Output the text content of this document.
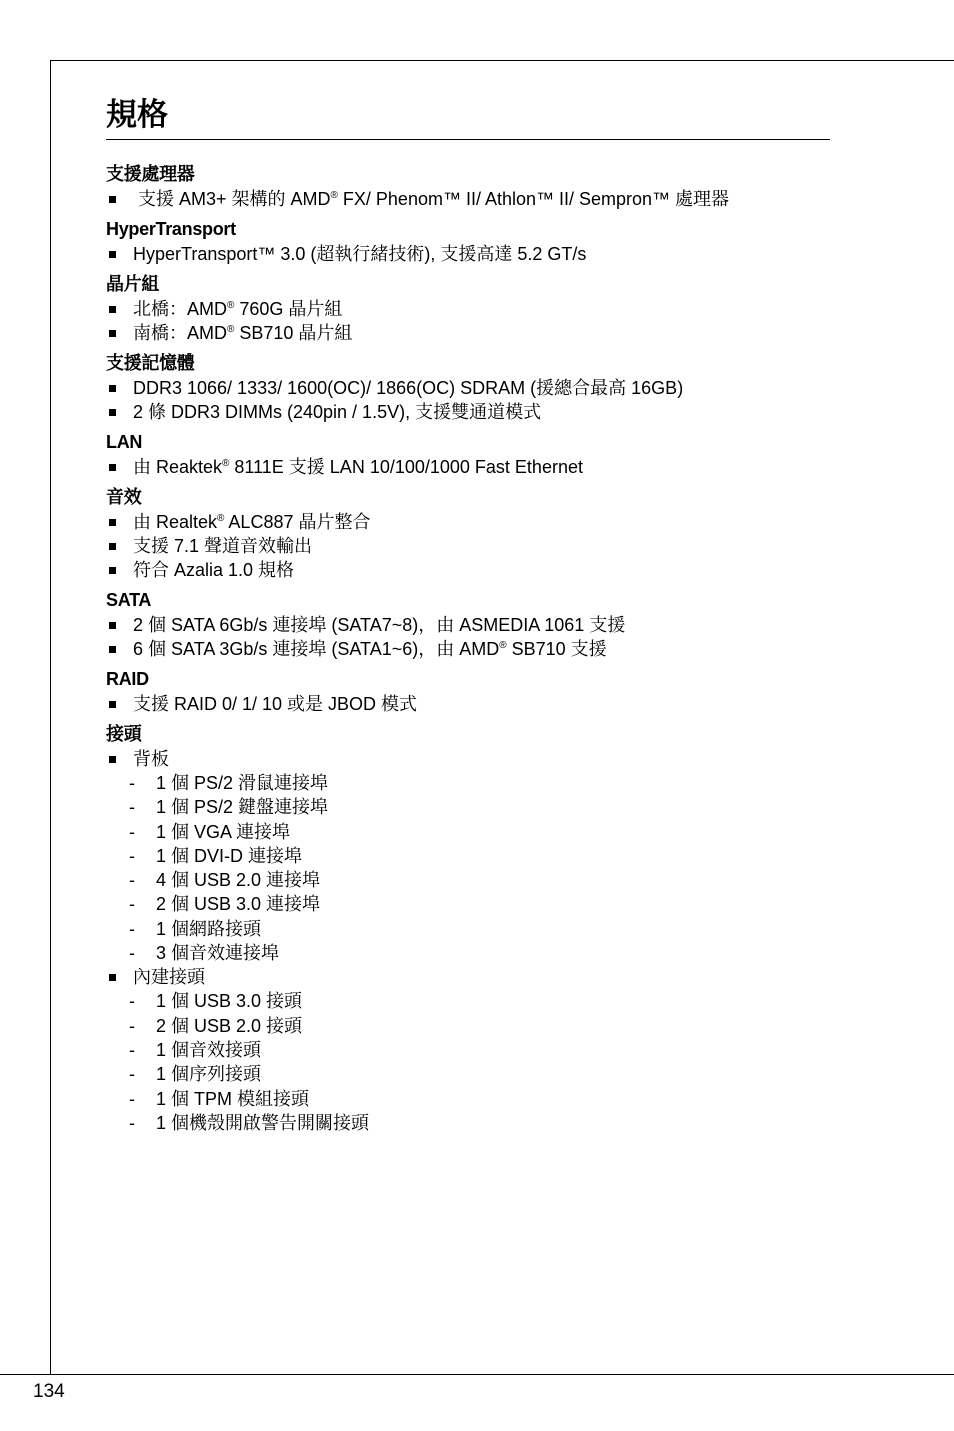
134
規格
支援處理器
支援 AM3+ 架構的 AMD® FX/ Phenom™ II/ Athlon™ II/ Sempron™ 處理器
HyperTransport
HyperTransport™ 3.0 (超執行緒技術), 支援高達 5.2 GT/s
晶片組
北橋：AMD® 760G 晶片組
南橋：AMD® SB710 晶片組
支援記憶體
DDR3 1066/ 1333/ 1600(OC)/ 1866(OC) SDRAM (援總合最高 16GB)
2 條 DDR3 DIMMs (240pin / 1.5V), 支援雙通道模式
LAN
由 Reaktek® 8111E 支援 LAN 10/100/1000 Fast Ethernet
音效
由 Realtek® ALC887 晶片整合
支援 7.1 聲道音效輸出
符合 Azalia 1.0 規格
SATA
2 個 SATA 6Gb/s 連接埠 (SATA7~8)，由 ASMEDIA 1061 支援
6 個 SATA 3Gb/s 連接埠 (SATA1~6)，由 AMD® SB710 支援
RAID
支援 RAID 0/ 1/ 10 或是 JBOD 模式
接頭
背板
- 1 個 PS/2 滑鼠連接埠
- 1 個 PS/2 鍵盤連接埠
- 1 個 VGA 連接埠
- 1 個 DVI-D 連接埠
- 4 個 USB 2.0 連接埠
- 2 個 USB 3.0 連接埠
- 1 個網路接頭
- 3 個音效連接埠
內建接頭
- 1 個 USB 3.0 接頭
- 2 個 USB 2.0 接頭
- 1 個音效接頭
- 1 個序列接頭
- 1 個 TPM 模組接頭
- 1 個機殼開啟警告開關接頭
